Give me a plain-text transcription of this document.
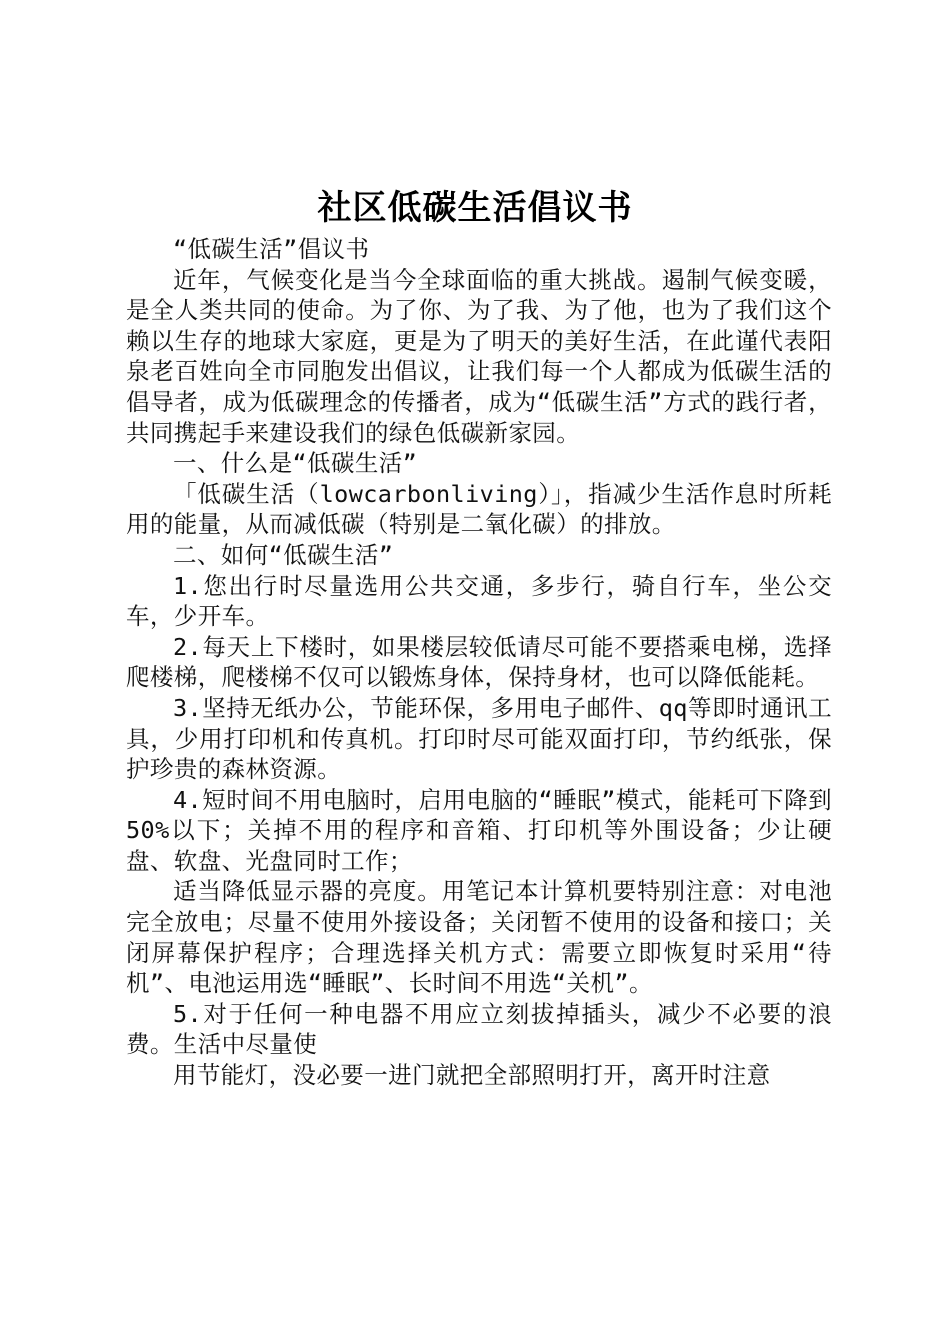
社区低碳生活倡议书

“低碳生活”倡议书

近年，气候变化是当今全球面临的重大挑战。遏制气候变暖，是全人类共同的使命。为了你、为了我、为了他，也为了我们这个赖以生存的地球大家庭，更是为了明天的美好生活，在此谨代表阳泉老百姓向全市同胞发出倡议，让我们每一个人都成为低碳生活的倡导者，成为低碳理念的传播者，成为“低碳生活”方式的践行者，共同携起手来建设我们的绿色低碳新家园。

一、什么是“低碳生活”

「低碳生活（lowcarbonliving）」，指减少生活作息时所耗用的能量，从而减低碳（特别是二氧化碳）的排放。

二、如何“低碳生活”

1.您出行时尽量选用公共交通，多步行，骑自行车，坐公交车，少开车。

2.每天上下楼时，如果楼层较低请尽可能不要搭乘电梯，选择爬楼梯，爬楼梯不仅可以锻炼身体，保持身材，也可以降低能耗。

3.坚持无纸办公，节能环保，多用电子邮件、qq等即时通讯工具，少用打印机和传真机。打印时尽可能双面打印，节约纸张，保护珍贵的森林资源。

4.短时间不用电脑时，启用电脑的“睡眠”模式，能耗可下降到50%以下；关掉不用的程序和音箱、打印机等外围设备；少让硬盘、软盘、光盘同时工作；

适当降低显示器的亮度。用笔记本计算机要特别注意：对电池完全放电；尽量不使用外接设备；关闭暂不使用的设备和接口；关闭屏幕保护程序；合理选择关机方式：需要立即恢复时采用“待机”、电池运用选“睡眠”、长时间不用选“关机”。

5.对于任何一种电器不用应立刻拔掉插头，减少不必要的浪费。生活中尽量使

用节能灯，没必要一进门就把全部照明打开，离开时注意
